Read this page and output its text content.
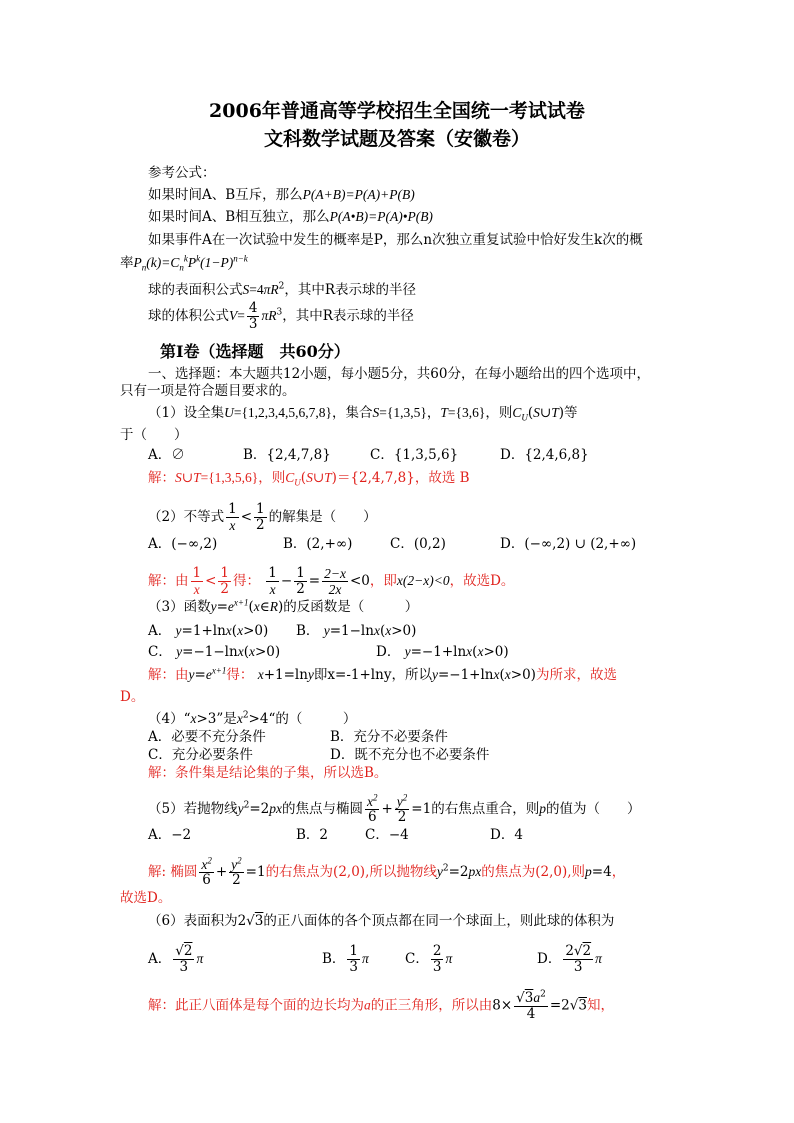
2006年普通高等学校招生全国统一考试试卷
文科数学试题及答案（安徽卷）
参考公式：
如果时间A、B互斥，那么P(A+B)=P(A)+P(B)
如果时间A、B相互独立，那么P(A•B)=P(A)•P(B)
如果事件A在一次试验中发生的概率是P，那么n次独立重复试验中恰好发生k次的概
率$P_n(k)=C_n^kP^k(1-P)^{n-k}$
球的表面积公式$S=4\pi R^2$，其中R表示球的半径
球的体积公式$V= \frac{4}{3} \pi R^3$，其中R表示球的半径
第Ⅰ卷（选择题　共60分）
一、选择题：本大题共12小题，每小题5分，共60分，在每小题给出的四个选项中，
只有一项是符合题目要求的。
（1）设全集U={1,2,3,4,5,6,7,8}，集合S={1,3,5}，T={3,6}，则$C_U(S\cup T)$等
于（　　）
A．∅	B．{2,4,7,8}	C．{1,3,5,6}	D．{2,4,6,8}
解：S∪T={1,3,5,6}，则$C_U(S\cup T)=\{2,4,7,8\}$，故选 B
（2）不等式 $\frac{1}{x} < \frac{1}{2}$ 的解集是（　　）
A．(−∞,2)	B．(2,+∞)	C．(0,2)	D．(−∞,2) ∪ (2,+∞)
解：由 $\frac{1}{x} < \frac{1}{2}$ 得： $\frac{1}{x} - \frac{1}{2} = \frac{2-x}{2x} <0$，即x(2−x)<0，故选D。
（3）函数$y=e^{x+1}(x\in R)$的反函数是（　　　）
A． y=1+lnx(x>0) B． y=1−lnx(x>0)
C． y=−1−lnx(x>0)	D． y=−1+lnx(x>0)
解：由$y=e^{x+1}$得： x+1=lny即x=-1+lny，所以y=−1+lnx(x>0)为所求，故选
D。
（4）“x>3”是$x^2>4“$的（　　　）
A．必要不充分条件	B．充分不必要条件
C．充分必要条件	D．既不充分也不必要条件
解：条件集是结论集的子集，所以选B。
（5）若抛物线$y^2=2px$的焦点与椭圆 $\frac{x^2}{6} + \frac{y^2}{2} =1$的右焦点重合，则p的值为（　　）
A．−2	B．2	C．−4	D．4
解: 椭圆 $\frac{x^2}{6} + \frac{y^2}{2} =1$的右焦点为(2,0),所以抛物线$y^2=2px$的焦点为(2,0),则p=4，
故选D。
（6）表面积为2√3的正八面体的各个顶点都在同一个球面上，则此球的体积为
A． $\frac{√2}{3}$ π	B． $\frac{1}{3}$ π	C． $\frac{2}{3}$ π	D． $\frac{2√2}{3}$ π
解：此正八面体是每个面的边长均为a的正三角形，所以由$8\times \frac{√3a^2}{4} =2√3$知，
